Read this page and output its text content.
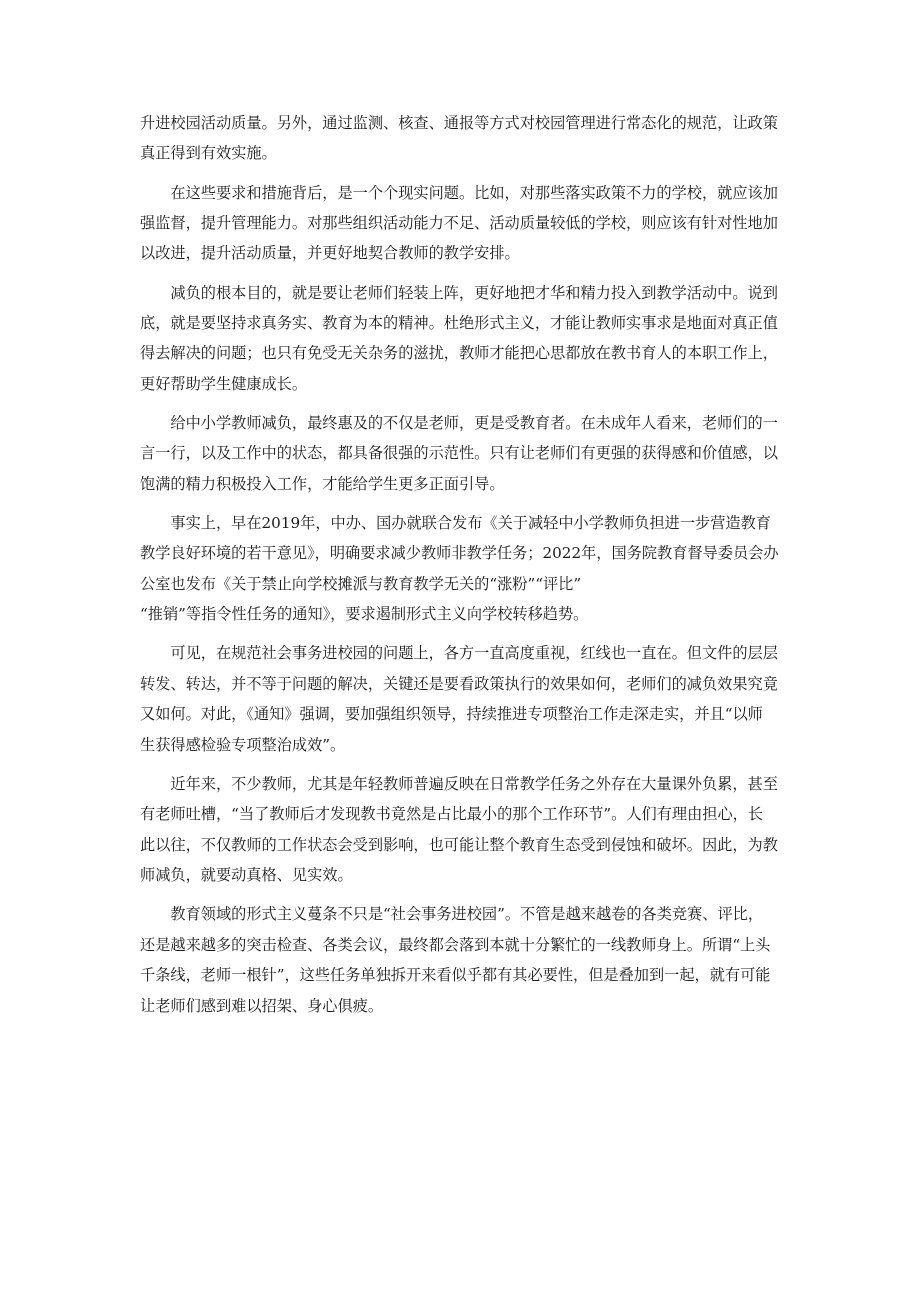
升进校园活动质量。另外，通过监测、核查、通报等方式对校园管理进行常态化的规范，让政策
真正得到有效实施。

在这些要求和措施背后，是一个个现实问题。比如，对那些落实政策不力的学校，就应该加
强监督，提升管理能力。对那些组织活动能力不足、活动质量较低的学校，则应该有针对性地加
以改进，提升活动质量，并更好地契合教师的教学安排。

减负的根本目的，就是要让老师们轻装上阵，更好地把才华和精力投入到教学活动中。说到
底，就是要坚持求真务实、教育为本的精神。杜绝形式主义，才能让教师实事求是地面对真正值
得去解决的问题；也只有免受无关杂务的滋扰，教师才能把心思都放在教书育人的本职工作上，
更好帮助学生健康成长。

给中小学教师减负，最终惠及的不仅是老师，更是受教育者。在未成年人看来，老师们的一
言一行，以及工作中的状态，都具备很强的示范性。只有让老师们有更强的获得感和价值感，以
饱满的精力积极投入工作，才能给学生更多正面引导。

事实上，早在2019年，中办、国办就联合发布《关于减轻中小学教师负担进一步营造教育
教学良好环境的若干意见》，明确要求减少教师非教学任务；2022年，国务院教育督导委员会办
公室也发布《关于禁止向学校摊派与教育教学无关的“涨粉”“评比”
“推销”等指令性任务的通知》，要求遏制形式主义向学校转移趋势。

可见，在规范社会事务进校园的问题上，各方一直高度重视，红线也一直在。但文件的层层
转发、转达，并不等于问题的解决，关键还是要看政策执行的效果如何，老师们的减负效果究竟
又如何。对此，《通知》强调，要加强组织领导，持续推进专项整治工作走深走实，并且“以师
生获得感检验专项整治成效”。

近年来，不少教师，尤其是年轻教师普遍反映在日常教学任务之外存在大量课外负累，甚至
有老师吐槽，“当了教师后才发现教书竟然是占比最小的那个工作环节”。人们有理由担心，长
此以往，不仅教师的工作状态会受到影响，也可能让整个教育生态受到侵蚀和破坏。因此，为教
师减负，就要动真格、见实效。

教育领域的形式主义蔓条不只是“社会事务进校园”。不管是越来越卷的各类竞赛、评比，
还是越来越多的突击检查、各类会议，最终都会落到本就十分繁忙的一线教师身上。所谓“上头
千条线，老师一根针”，这些任务单独拆开来看似乎都有其必要性，但是叠加到一起，就有可能
让老师们感到难以招架、身心俱疲。
